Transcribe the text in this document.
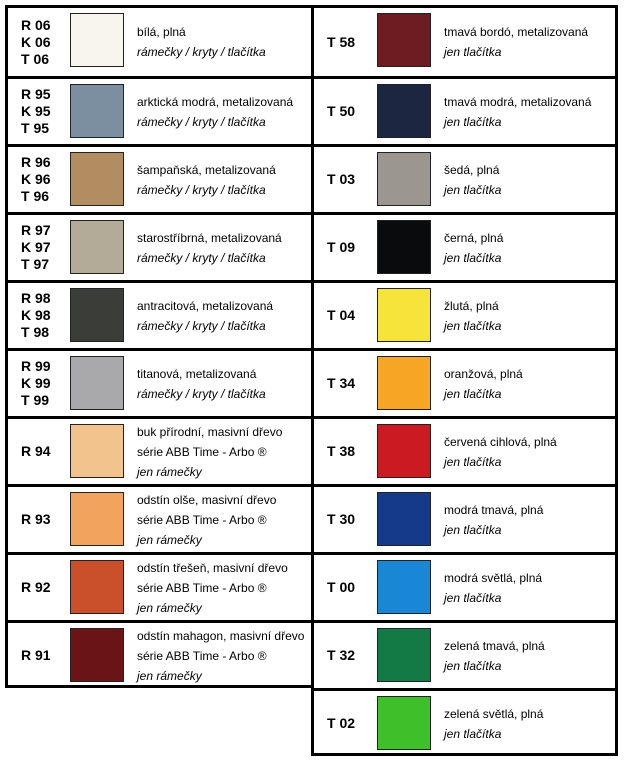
R 06
K 06
T 06
bílá, plná
rámečky / kryty / tlačítka
R 95
K 95
T 95
arktická modrá, metalizovaná
rámečky / kryty / tlačítka
R 96
K 96
T 96
šampaňská, metalizovaná
rámečky / kryty / tlačítka
R 97
K 97
T 97
starostříbrná, metalizovaná
rámečky / kryty / tlačítka
R 98
K 98
T 98
antracitová, metalizovaná
rámečky / kryty / tlačítka
R 99
K 99
T 99
titanová, metalizovaná
rámečky / kryty / tlačítka
R 94
buk přírodní, masivní dřevo
série ABB Time - Arbo ®
jen rámečky
R 93
odstín olše, masivní dřevo
série ABB Time - Arbo ®
jen rámečky
R 92
odstín třešeň, masivní dřevo
série ABB Time - Arbo ®
jen rámečky
R 91
odstín mahagon, masivní dřevo
série ABB Time - Arbo ®
jen rámečky
T 58
tmavá bordó, metalizovaná
jen tlačítka
T 50
tmavá modrá, metalizovaná
jen tlačítka
T 03
šedá, plná
jen tlačítka
T 09
černá, plná
jen tlačítka
T 04
žlutá, plná
jen tlačítka
T 34
oranžová, plná
jen tlačítka
T 38
červená cihlová, plná
jen tlačítka
T 30
modrá tmavá, plná
jen tlačítka
T 00
modrá světlá, plná
jen tlačítka
T 32
zelená tmavá, plná
jen tlačítka
T 02
zelená světlá, plná
jen tlačítka
